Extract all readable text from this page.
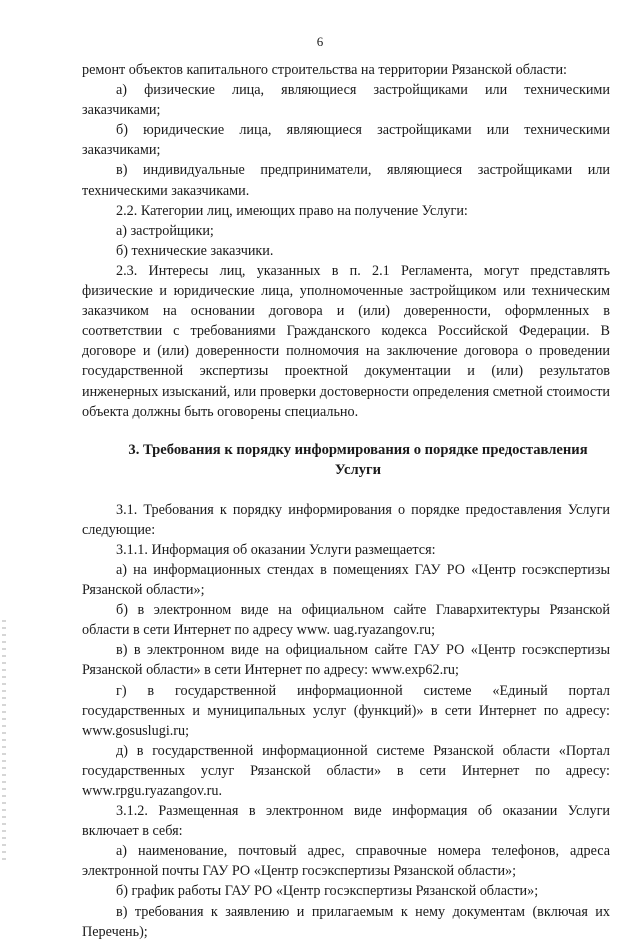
6

ремонт объектов капитального строительства на территории Рязанской области:

а) физические лица, являющиеся застройщиками или техническими заказчиками;

б) юридические лица, являющиеся застройщиками или техническими заказчиками;

в) индивидуальные предприниматели, являющиеся застройщиками или техническими заказчиками.

2.2. Категории лиц, имеющих право на получение Услуги:

а) застройщики;

б) технические заказчики.

2.3. Интересы лиц, указанных в п. 2.1 Регламента, могут представлять физические и юридические лица, уполномоченные застройщиком или техническим заказчиком на основании договора и (или) доверенности, оформленных в соответствии с требованиями Гражданского кодекса Российской Федерации. В договоре и (или) доверенности полномочия на заключение договора о проведении государственной экспертизы проектной документации и (или) результатов инженерных изысканий, или проверки достоверности определения сметной стоимости объекта должны быть оговорены специально.

3. Требования к порядку информирования о порядке предоставления Услуги

3.1. Требования к порядку информирования о порядке предоставления Услуги следующие:

3.1.1. Информация об оказании Услуги размещается:

а) на информационных стендах в помещениях ГАУ РО «Центр госэкспертизы Рязанской области»;

б) в электронном виде на официальном сайте Главархитектуры Рязанской области в сети Интернет по адресу www. uag.ryazangov.ru;

в) в электронном виде на официальном сайте ГАУ РО «Центр госэкспертизы Рязанской области» в сети Интернет по адресу: www.exp62.ru;

г) в государственной информационной системе «Единый портал государственных и муниципальных услуг (функций)» в сети Интернет по адресу: www.gosuslugi.ru;

д) в государственной информационной системе Рязанской области «Портал государственных услуг Рязанской области» в сети Интернет по адресу: www.rpgu.ryazangov.ru.

3.1.2. Размещенная в электронном виде информация об оказании Услуги включает в себя:

а) наименование, почтовый адрес, справочные номера телефонов, адреса электронной почты ГАУ РО «Центр госэкспертизы Рязанской области»;

б) график работы ГАУ РО «Центр госэкспертизы Рязанской области»;

в) требования к заявлению и прилагаемым к нему документам (включая их Перечень);
